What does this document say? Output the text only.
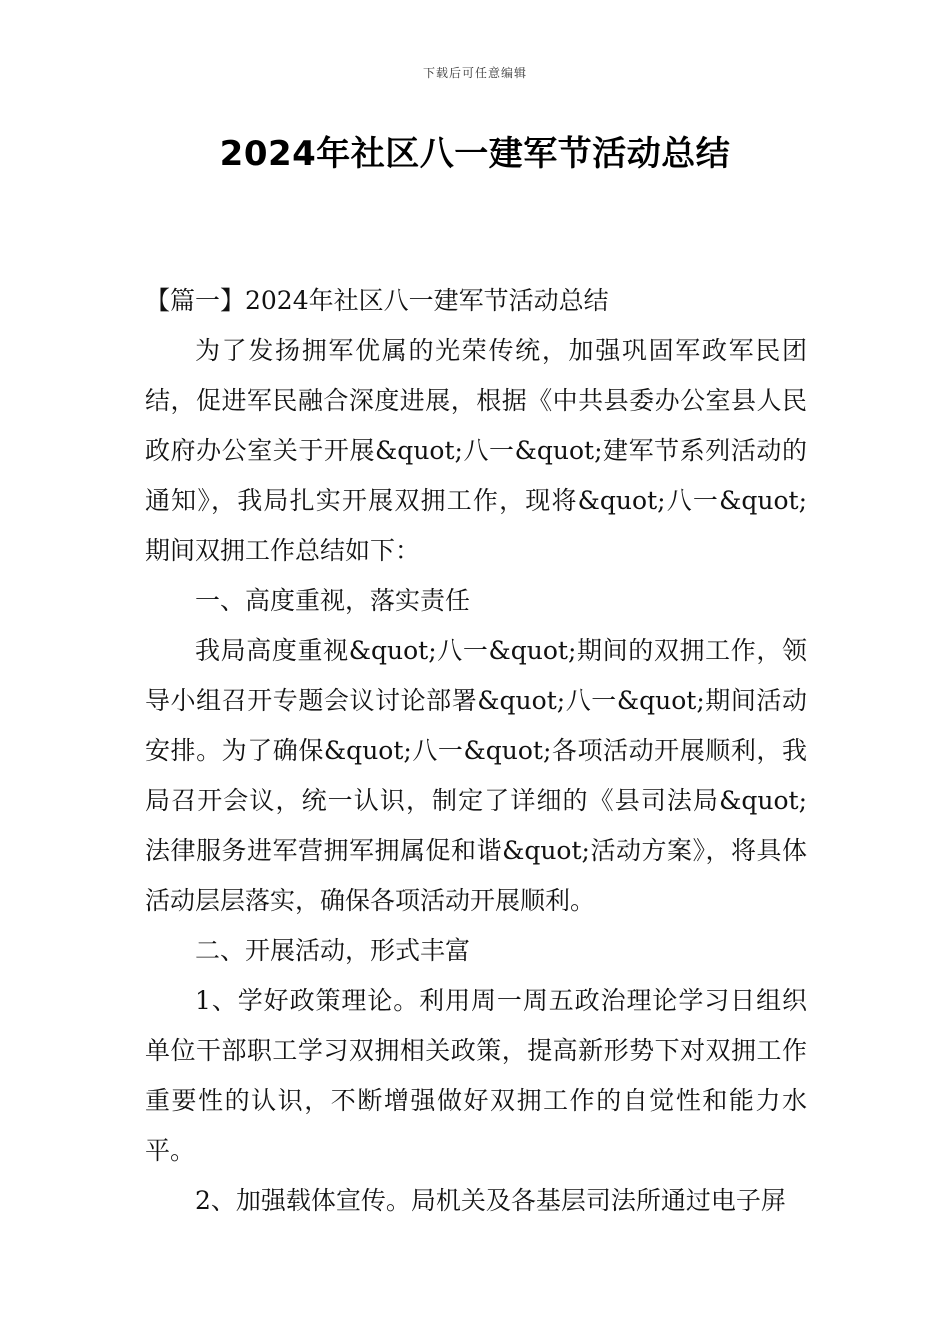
下载后可任意编辑
2024年社区八一建军节活动总结

【篇一】2024年社区八一建军节活动总结

为了发扬拥军优属的光荣传统，加强巩固军政军民团结，促进军民融合深度进展，根据《中共县委办公室县人民政府办公室关于开展&quot;八一&quot;建军节系列活动的通知》，我局扎实开展双拥工作，现将&quot;八一&quot;期间双拥工作总结如下：

一、高度重视，落实责任

我局高度重视&quot;八一&quot;期间的双拥工作，领导小组召开专题会议讨论部署&quot;八一&quot;期间活动安排。为了确保&quot;八一&quot;各项活动开展顺利，我局召开会议，统一认识，制定了详细的《县司法局&quot;法律服务进军营拥军拥属促和谐&quot;活动方案》，将具体活动层层落实，确保各项活动开展顺利。

二、开展活动，形式丰富

1、学好政策理论。利用周一周五政治理论学习日组织单位干部职工学习双拥相关政策，提高新形势下对双拥工作重要性的认识，不断增强做好双拥工作的自觉性和能力水平。

2、加强载体宣传。局机关及各基层司法所通过电子屏
